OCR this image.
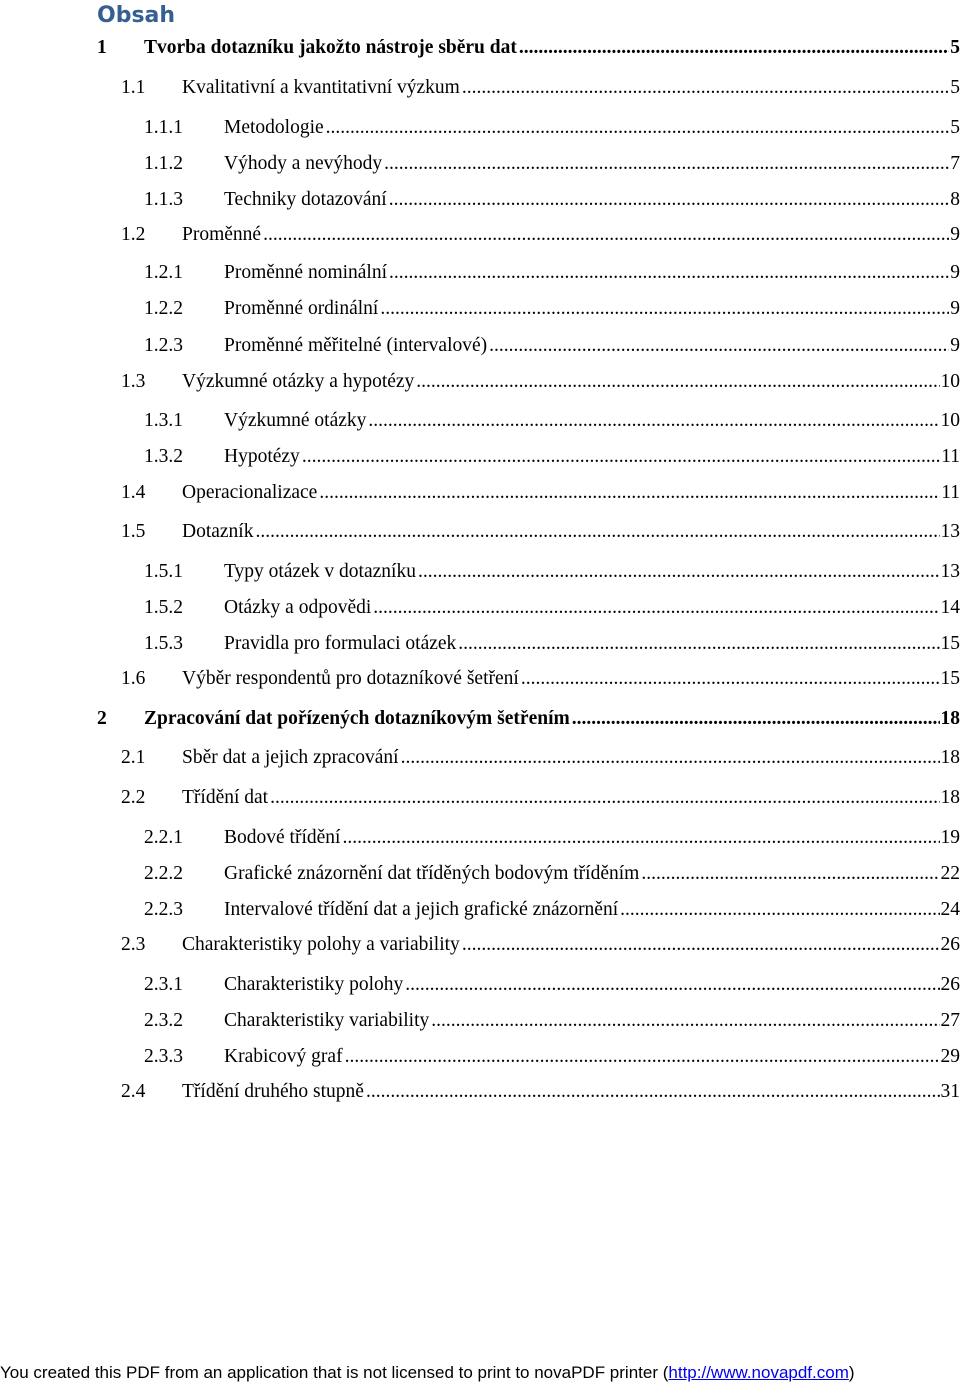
Obsah
1	Tvorba dotazníku jakožto nástroje sběru dat .....	5
1.1	Kvalitativní a kvantitativní výzkum .....	5
1.1.1	Metodologie .....	5
1.1.2	Výhody a nevýhody .....	7
1.1.3	Techniky dotazování .....	8
1.2	Proměnné .....	9
1.2.1	Proměnné nominální .....	9
1.2.2	Proměnné ordinální .....	9
1.2.3	Proměnné měřitelné (intervalové) .....	9
1.3	Výzkumné otázky a hypotézy .....	10
1.3.1	Výzkumné otázky .....	10
1.3.2	Hypotézy .....	11
1.4	Operacionalizace .....	11
1.5	Dotazník .....	13
1.5.1	Typy otázek v dotazníku .....	13
1.5.2	Otázky a odpovědi .....	14
1.5.3	Pravidla pro formulaci otázek .....	15
1.6	Výběr respondentů pro dotazníkové šetření .....	15
2	Zpracování dat pořízených dotazníkovým šetřením .....	18
2.1	Sběr dat a jejich zpracování .....	18
2.2	Třídění dat .....	18
2.2.1	Bodové třídění .....	19
2.2.2	Grafické znázornění dat tříděných bodovým tříděním .....	22
2.2.3	Intervalové třídění dat a jejich grafické znázornění .....	24
2.3	Charakteristiky polohy a variability .....	26
2.3.1	Charakteristiky polohy .....	26
2.3.2	Charakteristiky variability .....	27
2.3.3	Krabicový graf .....	29
2.4	Třídění druhého stupně .....	31
You created this PDF from an application that is not licensed to print to novaPDF printer (http://www.novapdf.com)
